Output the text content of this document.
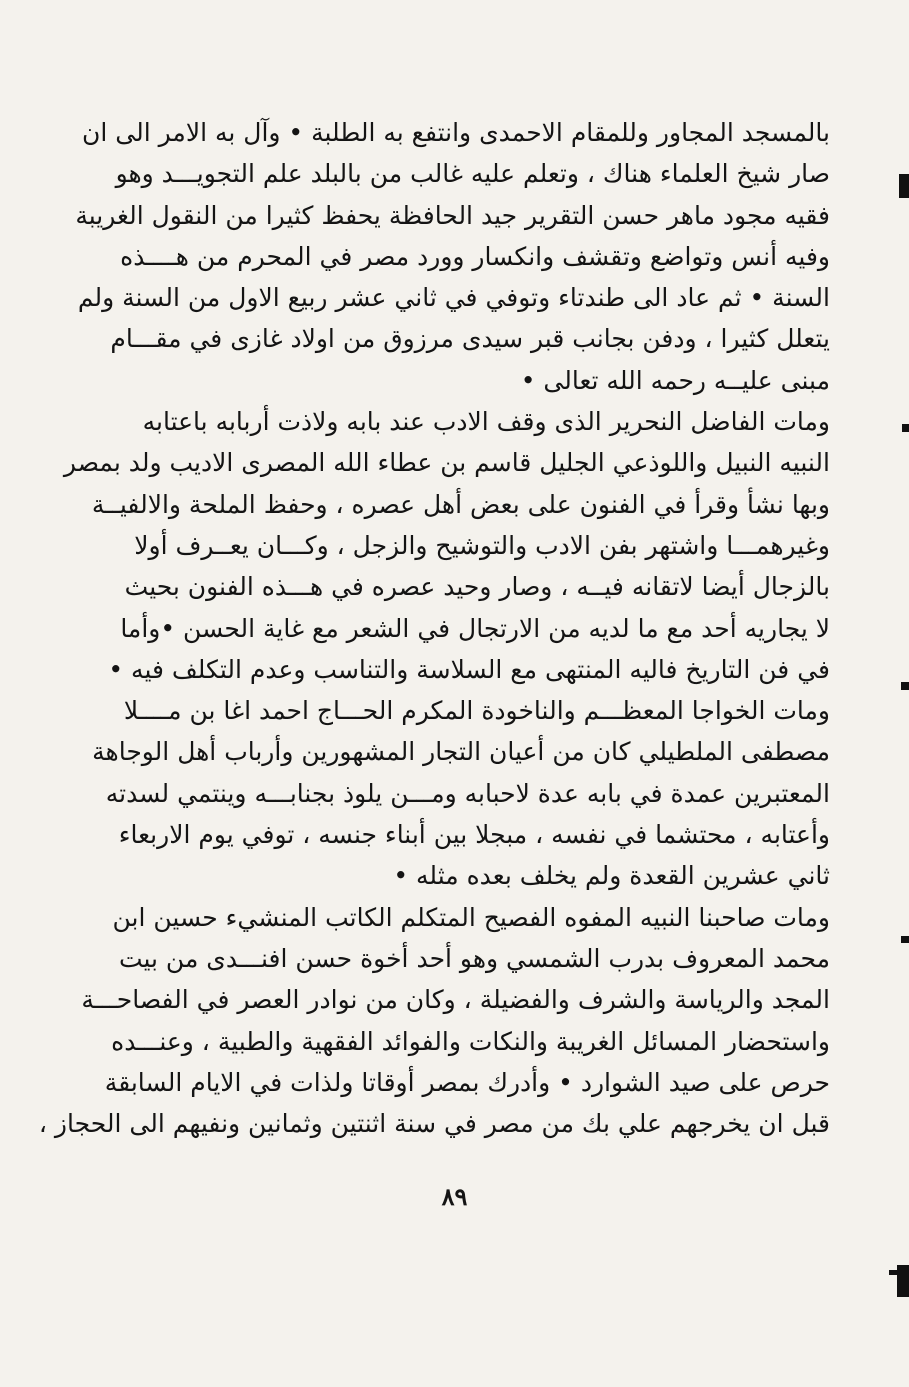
بالمسجد المجاور وللمقام الاحمدى وانتفع به الطلبة • وآل به الامر الى ان
صار شيخ العلماء هناك ، وتعلم عليه غالب من بالبلد علم التجويـــد وهو
فقيه مجود ماهر حسن التقرير جيد الحافظة يحفظ كثيرا من النقول الغريبة
وفيه أنس وتواضع وتقشف وانكسار وورد مصر في المحرم من هــــذه
السنة • ثم عاد الى طندتاء وتوفي في ثاني عشر ربيع الاول من السنة ولم
يتعلل كثيرا ، ودفن بجانب قبر سيدى مرزوق من اولاد غازى في مقـــام
مبنى عليــه رحمه الله تعالى •
ومات الفاضل النحرير الذى وقف الادب عند بابه ولاذت أربابه باعتابه
النبيه النبيل واللوذعي الجليل قاسم بن عطاء الله المصرى الاديب ولد بمصر
وبها نشأ وقرأ في الفنون على بعض أهل عصره ، وحفظ الملحة والالفيــة
وغيرهمـــا واشتهر بفن الادب والتوشيح والزجل ، وكـــان يعــرف أولا
بالزجال أيضا لاتقانه فيــه ، وصار وحيد عصره في هـــذه الفنون بحيث
لا يجاريه أحد مع ما لديه من الارتجال في الشعر مع غاية الحسن •وأما
في فن التاريخ فاليه المنتهى مع السلاسة والتناسب وعدم التكلف فيه •
ومات الخواجا المعظـــم والناخودة المكرم الحـــاج احمد اغا بن مــــلا
مصطفى الملطيلي كان من أعيان التجار المشهورين وأرباب أهل الوجاهة
المعتبرين عمدة في بابه عدة لاحبابه ومـــن يلوذ بجنابـــه وينتمي لسدته
وأعتابه ، محتشما في نفسه ، مبجلا بين أبناء جنسه ، توفي يوم الاربعاء
ثاني عشرين القعدة ولم يخلف بعده مثله •
ومات صاحبنا النبيه المفوه الفصيح المتكلم الكاتب المنشيء حسين ابن
محمد المعروف بدرب الشمسي وهو أحد أخوة حسن افنـــدى من بيت
المجد والرياسة والشرف والفضيلة ، وكان من نوادر العصر في الفصاحـــة
واستحضار المسائل الغريبة والنكات والفوائد الفقهية والطبية ، وعنـــده
حرص على صيد الشوارد • وأدرك بمصر أوقاتا ولذات في الايام السابقة
قبل ان يخرجهم علي بك من مصر في سنة اثنتين وثمانين ونفيهم الى الحجاز ،
٨٩
